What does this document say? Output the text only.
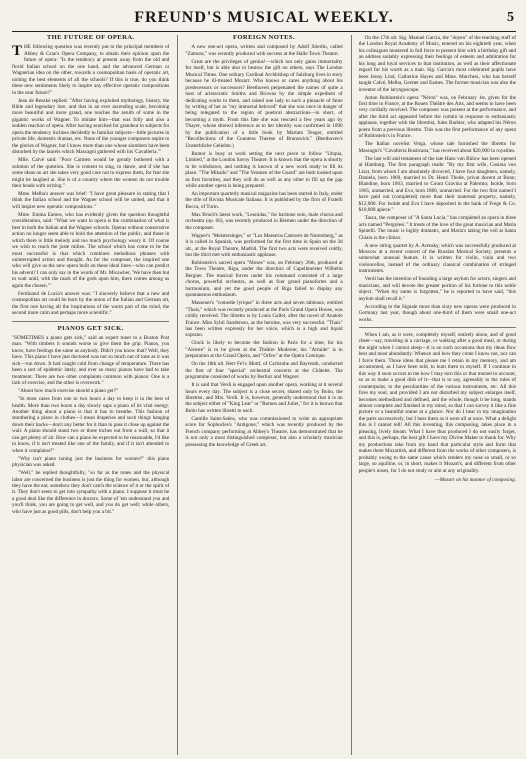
FREUND'S MUSICAL WEEKLY.	5
THE FUTURE OF OPERA.
THE following question was recently put to the principal members of Abbey & Grau's Opera Company, to obtain their opinion upon the future of opera: "Is the tendency at present away from the old and florid Italian school on the one hand, and the advanced German or Wagnerian idea on the other, towards a cosmopolitan basis of operatic art, uniting the best elements of all the schools? If this is true, do you think these new sentiments likely to inspire any effective operatic compositions in the near future?"
Jean de Reszké replied: "After having exploited mythology, history, the Bible and legendary lore, and that in an ever ascending scale, becoming more beautiful and more grand, one reaches the zenith of some in the gigantic works of Wagner. To imitate him—that was folly and also a sudden reaction of opera. After having searched for grandeur in subjects for opera the tendency inclines decidedly to familiar subjects—little pictures in private life, domestic dramas, etc. None of the younger composers aspire to the glories of Wagner, but I know more than one whose slumbers have been disturbed by the laurels which Mascagni gathered with his 'Cavalleria.'"
Mlle. Calvé said: "Poor Carmen would be greatly bothered with a solution of the question. She is content to sing, to dance, and if she has some ideas on art she takes very good care not to express them, for fear she might be laughed at. She is of a country where the women do not trouble their heads with writing."
Mme. Melba's answer was brief: "I have great pleasure in stating that I think the Italian school and the Wagner school will be united, and that it will inspire new operatic compositions."
Mme. Emma Eames, who has evidently given the question thoughtful consideration, said: "What we want in opera is the combination of what is best in both the Italian and the Wagner schools. Operas without consecutive action no longer seem able to hold the attention of the public, and those in which there is little melody and too much psychology weary it. Of course we wish to reach the juste milieu. The school which has come to be the most successful is that which combines melodious phrases with uninterrupted action and thought. As for the composer, the inspired one who will give us the new opera built on these ideal lines—who can predict his advent? I can only say in the words of Mr. Micawber, 'We have then but to wait until, with the mark of the gods upon him, there comes among us again the chosen.'"
Ferdinand de Lucia's answer was: "I sincerely believe that a new and cosmopolitan art could be born by the union of the Italian and German art, the first one having all the inspirations of the warm part of the mind, the second more calm and perhaps more scientific."
PIANOS GET SICK.
"SOMETIMES a piano gets sick," said an expert tuner to a Boston Post man. "With timbers it sounds worse to give them the grip. Pianos, you know, have feelings the same as anybody. Didn't you know that? Well, they have. This piano I have just doctored was not so much out of tune as it was sick—run down. It had caught cold from change of temperature. There has been a sort of epidemic lately, and ever so many pianos have had to take treatment. There are two other complaints common with pianos: One is a lack of exercise, and the other is overwork."
"About how much exercise should a piano get?"
"In most cases from one to two hours a day to keep it in the best of health. More than two hours a day slowly saps a piano of its vital energy. Another thing about a piano is that it has to breathe. This fashion of smothering a piano in clothes—I mean draperies and such things hanging down their backs—don't any better for it than to pass it close up against the wall. A piano should stand two or three inches out from a wall, so that it can get plenty of air. How can a piano be expected to be reasonable, I'd like to know, if it isn't treated like one of the family, and if it isn't attended to when it complains?"
"Why isn't piano tuning just the business for women?" this piano physician was asked.
"Well," he replied thoughtfully, "so far as the tones and the physical labor are concerned the business is just the thing for women, but, although they have the ear, somehow they don't catch the science of it or the spirit of it. They don't seem to get into sympathy with a piano. I suppose it must be a good deal like the difference in doctors. Some of 'em understand you and you'll think, you are going to get well, and you do get well; while others, who have just as good pills, don't help you a bit."
FOREIGN NOTES.
A new one-act opera, written and composed by Adolf Stierlin, called "Zamora," was recently produced with success at the Halle Town Theatre.
Great are the privileges of genius!—which not only gains immortality for itself, but is able also to bestow the gift on others, says The London Musical Times. One solitary Cardinal Archbishop of Salzburg lives in story because he ill-treated Mozart. Who knows or cares anything about his predecessors or successors? Beethoven perpetuated the names of quite a host of aristocratic Smiths and Browns by the simple expedient of dedicating works to them, and raised one lady to such a pinnacle of fame by writing of her as "my immortal beloved" that she was once in danger of being relegated to the region of poetical abstractions—in short, of becoming a myth. From this fate she was rescued a few years ago by Thayer, whose shrewd inference as to her identity was confirmed in 1890 by the publication of a little book by Mariam Tenger, entitled "Recollections of the Countess Therese of Brunswick." (Beethoven's Unsterbliche Geliebte.)
Rumor is busy at work setting the next piece to follow "Utopia, Limited," at the London Savoy Theatre. It is known that the opera is shortly to be withdrawn, and nothing is known of a new work ready to fill its place. "The Mikado" and "The Yeomen of the Guard" are both looked upon as first favorites, and they will do as well as any other to fill up the gap while another opera is being prepared.
An important quarterly musical magazine has been started in Italy, under the title of Rivista Musicale Italiana. It is published by the firm of Fratelli Bocca, of Turin.
Max Bruch's latest work, "Leonidas," for baritone solo, male chorus and orchestra (op. 66), was recently produced in Bremen under the direction of the composer.
Wagner's "Meistersinger," or "Los Maestros Cantores de Nuremberg," as it is called in Spanish, was performed for the first time in Spain on the 3d ult., at the Royal Theatre, Madrid. The first two acts were received coldly, but the third met with enthusiastic applause.
Rubinstein's sacred opera "Moses" was, on February 26th, produced at the Town Theatre, Riga, under the direction of Capellmeister Wilhelm Bergner. The musical forces under his command consisted of a large chorus, powerful orchestra, as well as four grand pianofortes and a harmonium, and yet the good people of Riga failed to display any spontaneous enthusiasm.
Massenet's "comedie lyrique" in three acts and seven tableaux, entitled "Thais," which was recently produced at the Paris Grand Opera House, was coldly received. The libretto is by Louis Gallet, after the novel of Anatole France. Miss Sybil Sanderson, as the heroine, was very successful. "Thais" has been written expressly for her voice, which is a high and liquid soprano.
Gluck is likely to become the fashion in Paris for a time, for his "Alceste" is to be given at the Théâtre Moderne; his "Armide" is in preparation at the Grand Opéra, and "Orfeo" at the Opéra Comique.
On the 18th ult. Herr Fe'ix Mottl, of Carlsruhe and Bayreuth, conducted the first of four "special" orchestral concerts at the Châtelet. The programme consisted of works by Berlioz and Wagner.
It is said that Verdi is engaged upon another opera, working at it several hours every day. The subject is a close secret, shared only by Boito, the librettist, and Mrs. Verdi. It is, however, generally understood that it is on the subject either of "King Lear" or "Romeo and Juliet," for it is known that Boito has written libretti to each.
Camille Saint-Saëns, who was commissioned to write an appropriate score for Sophocles's "Antigone," which was recently produced by the French company performing at Abbey's Theatre, has demonstrated that he is not only a most distinguished composer, but also a scholarly musician possessing the knowledge of Greek art.
On the 17th ult. Sig. Manuel Garcia, the "doyen" of the teaching staff of the London Royal Academy of Music, entered on his eightieth year, when his colleagues mustered in full force to present him with a birthday gift and an address suitably expressing their feelings of esteem and admiration for his long and loyal services to that institution, as well as their affectionate regard for his worth as a man. Sig. Garcia's most celebrated pupils have been Jenny Lind, Catherine Hayes and Mme. Marchesi, who has herself taught Calvé, Melba, Gerster and Eames. The former musician was also the inventor of the laryngoscope.
Anton Rubinstein's opera "Néron" was, on February 1st, given for the first time in France, at the Rouen Théâtre des Arts, and seems to have been very cordially received. The composer was present at the performance, and after the third act appeared before the curtain in response to enthusiastic applause, together with the librettist, Jules Barbier, who adapted his Néron poem from a previous libretto. This was the first performance of any opera of Rubinstein's in France.
The Italian novelist Verga, whose tale furnished the libretto for Mascagni's "Cavalleria Rusticana," has received about $20,000 in royalties.
The last will and testament of the late Hans von Bülow has been opened at Hamburg. The first paragraph reads: "By my first wife, Cosima von Liszt, from whom I am absolutely divorced, I have four daughters, namely, Daniela, born 1860, married to Dr. Henri Thode, privat docent at Bonn; Blandine, born 1863, married to Count Gravina at Palermo; Isolde, born 1865, unmarried, and Eva, born 1866, unmarried. For the two first named I have paid out (completed) more than their maternal property, namely, $12,000. For Isolde and Eva I have deposited in the bank of Frege & Co. $10,000 apiece."
Tasca, the composer of "A Santa Lucia," has completed an opera in three acts named "Pergolesi." It treats of the love of the great musician and Maria Spinelli. The music is highly dramatic, and Maria's taking the veil at Santa Chiara is the climax.
A new string quartet by A. Arensky, which was successfully produced at Moscow at a recent concert of the Russian Musical Society, presents a somewhat unusual feature. It is written for violin, viola and two violoncellos, instead of the ordinary classical combination of stringed instruments.
Verdi has the intention of founding a large asylum for actors, singers and musicians, and will devote the greater portion of his fortune to this noble object. "When my name is forgotten," he is reported to have said, "this asylum shall recall it."
According to the Signale more than sixty new operas were produced in Germany last year, though about one-third of them were small one-act works.
When I am, as it were, completely myself, entirely alone, and of good cheer—say, traveling in a carriage, or walking after a good meal, or during the night when I cannot sleep—it is on such occasions that my ideas flow best and most abundantly. Whence and how they come I know not, nor can I force them. Those ideas that please me I retain in my memory, and am accustomed, as I have been told, to hum them to myself. If I continue in this way it soon occurs to me how I may turn this or that morsel to account, so as to make a good dish of it—that is to say, agreeably to the rules of counterpoint, to the peculiarities of the various instruments, etc. All this fires my soul, and provided I am not disturbed my subject enlarges itself, becomes methodized and defined, and the whole, though it be long, stands almost complete and finished in my mind, so that I can survey it like a fine picture or a beautiful statue at a glance. Nor do I hear in my imagination the parts successively, but I hear them as it were all at once. What a delight this is I cannot tell! All this inventing, this composing, takes place in a pleasing, lively dream. What I have thus produced I do not easily forget, and this is, perhaps, the best gift I have my Divine Maker to thank for. Why my productions take from my hand that particular style and form that makes them Mozartish, and different from the works of other composers, is probably owing to the same cause which renders my nose so small, or so large, so aquiline, or, in short, makes it Mozart's, and different from other people's noses, for I do not study or aim at any originality.
—Mozart on his manner of composing.
